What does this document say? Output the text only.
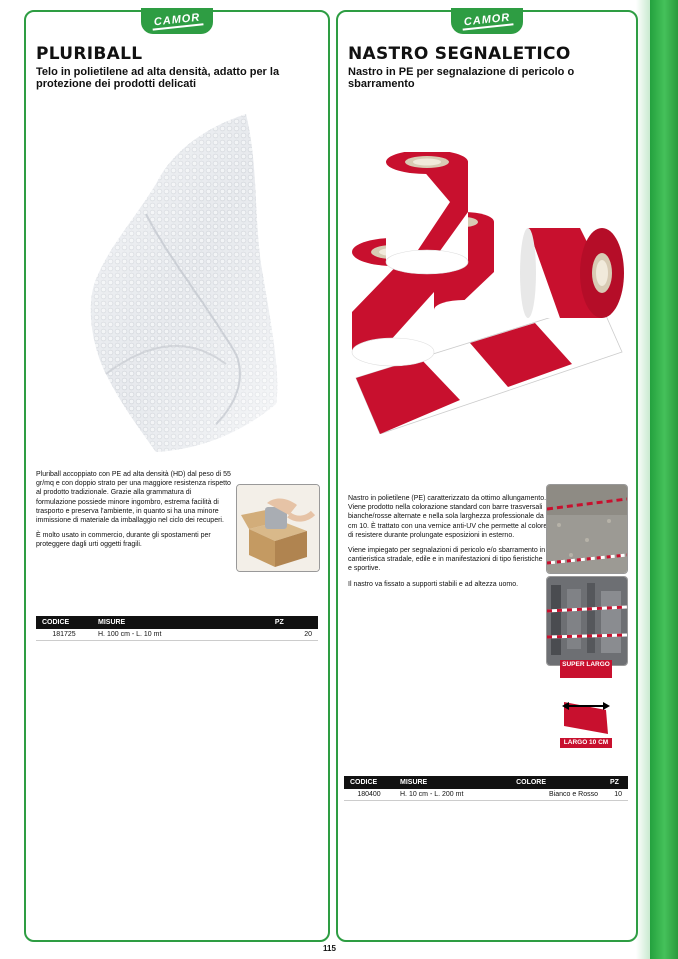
CAMOR
PLURIBALL

Telo in polietilene ad alta densità, adatto per la protezione dei prodotti delicati

Pluriball accoppiato con PE ad alta densità (HD) dal peso di 55 gr/mq e con doppio strato per una maggiore resistenza rispetto al prodotto tradizionale. Grazie alla grammatura di formulazione possiede minore ingombro, estrema facilità di trasporto e preserva l'ambiente, in quanto si ha una minore immissione di materiale da imballaggio nel ciclo dei recuperi.

È molto usato in commercio, durante gli spostamenti per proteggere dagli urti oggetti fragili.

CODICE	MISURE	PZ
181725	H. 100 cm - L. 10 mt	20
CAMOR
NASTRO SEGNALETICO

Nastro in PE per segnalazione di pericolo o sbarramento

Nastro in polietilene (PE) caratterizzato da ottimo allungamento. Viene prodotto nella colorazione standard con barre trasversali bianche/rosse alternate e nella sola larghezza professionale da cm 10. È trattato con una vernice anti-UV che permette al colore di resistere durante prolungate esposizioni in esterno.

Viene impiegato per segnalazioni di pericolo e/o sbarramento in cantieristica stradale, edile e in manifestazioni di tipo fieristiche e sportive.

Il nastro va fissato a supporti stabili e ad altezza uomo.

SUPER LARGO
LARGO 10 CM
CODICE	MISURE	COLORE	PZ
180400	H. 10 cm - L. 200 mt	Bianco e Rosso	10
115
